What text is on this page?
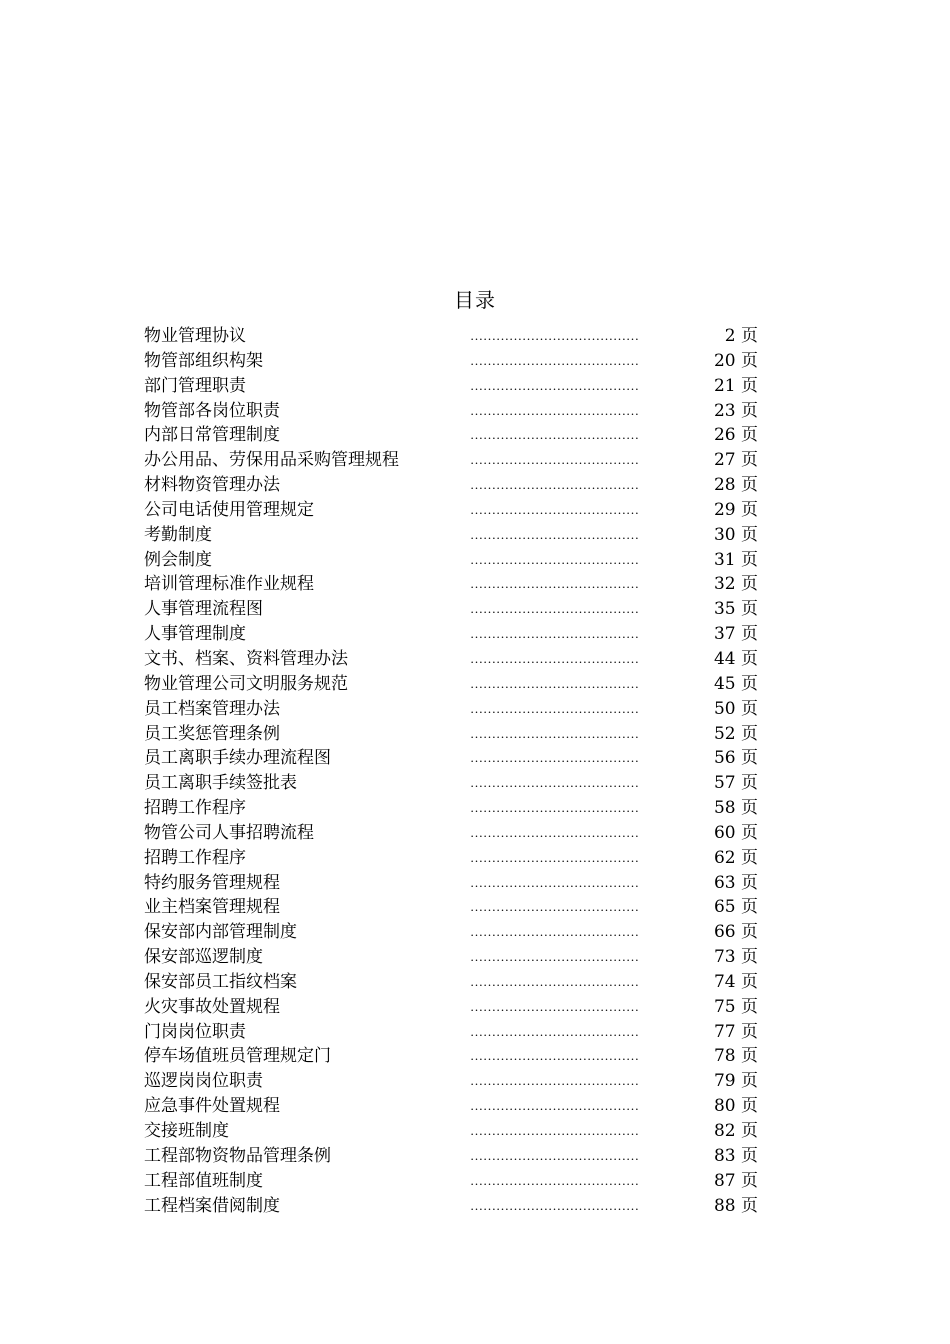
目录
物业管理协议	…………………………………	2 页
物管部组织构架	…………………………………	20 页
部门管理职责	…………………………………	21 页
物管部各岗位职责	…………………………………	23 页
内部日常管理制度	…………………………………	26 页
办公用品、劳保用品采购管理规程	…………………………………	27 页
材料物资管理办法	…………………………………	28 页
公司电话使用管理规定	…………………………………	29 页
考勤制度	…………………………………	30 页
例会制度	…………………………………	31 页
培训管理标准作业规程	…………………………………	32 页
人事管理流程图	…………………………………	35 页
人事管理制度	…………………………………	37 页
文书、档案、资料管理办法	…………………………………	44 页
物业管理公司文明服务规范	…………………………………	45 页
员工档案管理办法	…………………………………	50 页
员工奖惩管理条例	…………………………………	52 页
员工离职手续办理流程图	…………………………………	56 页
员工离职手续签批表	…………………………………	57 页
招聘工作程序	…………………………………	58 页
物管公司人事招聘流程	…………………………………	60 页
招聘工作程序	…………………………………	62 页
特约服务管理规程	…………………………………	63 页
业主档案管理规程	…………………………………	65 页
保安部内部管理制度	…………………………………	66 页
保安部巡逻制度	…………………………………	73 页
保安部员工指纹档案	…………………………………	74 页
火灾事故处置规程	…………………………………	75 页
门岗岗位职责	…………………………………	77 页
停车场值班员管理规定门	…………………………………	78 页
巡逻岗岗位职责	…………………………………	79 页
应急事件处置规程	…………………………………	80 页
交接班制度	…………………………………	82 页
工程部物资物品管理条例	…………………………………	83 页
工程部值班制度	…………………………………	87 页
工程档案借阅制度	…………………………………	88 页
